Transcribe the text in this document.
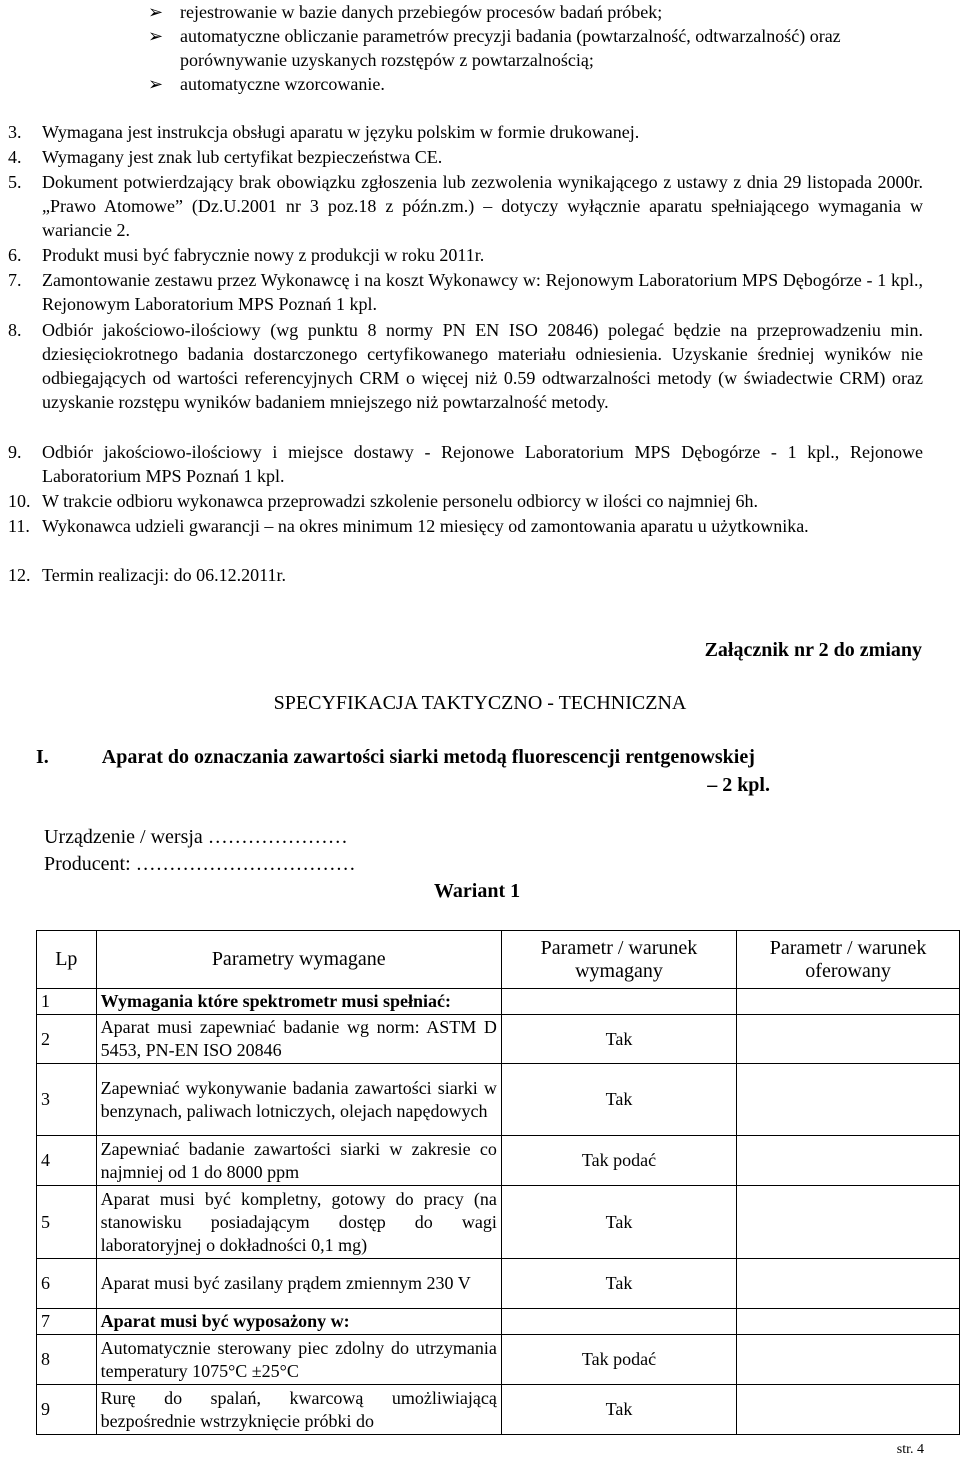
➢ rejestrowanie w bazie danych przebiegów procesów badań próbek;
➢ automatyczne obliczanie parametrów precyzji badania (powtarzalność, odtwarzalność) oraz porównywanie uzyskanych rozstępów z powtarzalnością;
➢ automatyczne wzorcowanie.
3.	Wymagana jest instrukcja obsługi aparatu w języku polskim w formie drukowanej.
4.	Wymagany jest znak lub certyfikat bezpieczeństwa CE.
5.	Dokument potwierdzający brak obowiązku zgłoszenia lub zezwolenia wynikającego z ustawy z dnia 29 listopada 2000r. „Prawo Atomowe” (Dz.U.2001 nr 3 poz.18 z późn.zm.) – dotyczy wyłącznie aparatu spełniającego wymagania w wariancie 2.
6.	Produkt musi być fabrycznie nowy z produkcji w roku 2011r.
7.	Zamontowanie zestawu przez Wykonawcę i na koszt Wykonawcy w: Rejonowym Laboratorium MPS Dębogórze - 1 kpl., Rejonowym Laboratorium MPS Poznań 1 kpl.
8.	Odbiór jakościowo-ilościowy (wg punktu 8 normy PN EN ISO 20846) polegać będzie na przeprowadzeniu min. dziesięciokrotnego badania dostarczonego certyfikowanego materiału odniesienia. Uzyskanie średniej wyników nie odbiegających od wartości referencyjnych CRM o więcej niż 0.59 odtwarzalności metody (w świadectwie CRM) oraz uzyskanie rozstępu wyników badaniem mniejszego niż powtarzalność metody.
9.	Odbiór jakościowo-ilościowy i miejsce dostawy - Rejonowe Laboratorium MPS Dębogórze - 1 kpl., Rejonowe Laboratorium MPS Poznań 1 kpl.
10. W trakcie odbioru wykonawca przeprowadzi szkolenie personelu odbiorcy w ilości co najmniej 6h.
11. Wykonawca udzieli gwarancji – na okres minimum 12 miesięcy od zamontowania aparatu u użytkownika.
12. Termin realizacji: do 06.12.2011r.
Załącznik nr 2 do zmiany
SPECYFIKACJA TAKTYCZNO - TECHNICZNA
I.	Aparat do oznaczania zawartości siarki metodą fluorescencji rentgenowskiej
– 2 kpl.
Urządzenie / wersja …………………
Producent: ……………………………
Wariant 1
Lp	Parametry wymagane	Parametr / warunek wymagany	Parametr / warunek oferowany
1	Wymagania które spektrometr musi spełniać:		
2	Aparat musi zapewniać badanie wg norm: ASTM D 5453, PN-EN ISO 20846	Tak	
3	Zapewniać wykonywanie badania zawartości siarki w benzynach, paliwach lotniczych, olejach napędowych	Tak	
4	Zapewniać badanie zawartości siarki w zakresie co najmniej od 1 do 8000 ppm	Tak podać	
5	Aparat musi być kompletny, gotowy do pracy (na stanowisku posiadającym dostęp do wagi laboratoryjnej o dokładności 0,1 mg)	Tak	
6	Aparat musi być zasilany prądem zmiennym 230 V	Tak	
7	Aparat musi być wyposażony w:		
8	Automatycznie sterowany piec zdolny do utrzymania temperatury 1075°C ±25°C	Tak podać	
9	Rurę do spalań, kwarcową umożliwiającą bezpośrednie wstrzyknięcie próbki do	Tak	
str. 4
